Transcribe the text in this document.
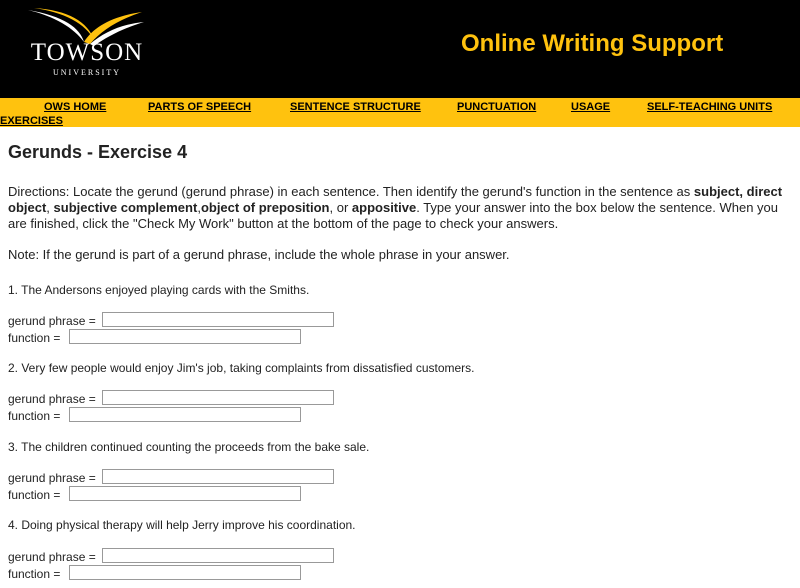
TOWSON
UNIVERSITY
Online Writing Support
OWS HOME	PARTS OF SPEECH	SENTENCE STRUCTURE	PUNCTUATION	USAGE	SELF-TEACHING UNITS
EXERCISES
Gerunds - Exercise 4

Directions: Locate the gerund (gerund phrase) in each sentence. Then identify the gerund's function in the sentence as subject, direct object, subjective complement,object of preposition, or appositive. Type your answer into the box below the sentence. When you are finished, click the "Check My Work" button at the bottom of the page to check your answers.

Note: If the gerund is part of a gerund phrase, include the whole phrase in your answer.

1. The Andersons enjoyed playing cards with the Smiths.

gerund phrase =
function =

2. Very few people would enjoy Jim's job, taking complaints from dissatisfied customers.

gerund phrase =
function =

3. The children continued counting the proceeds from the bake sale.

gerund phrase =
function =

4. Doing physical therapy will help Jerry improve his coordination.

gerund phrase =
function =
